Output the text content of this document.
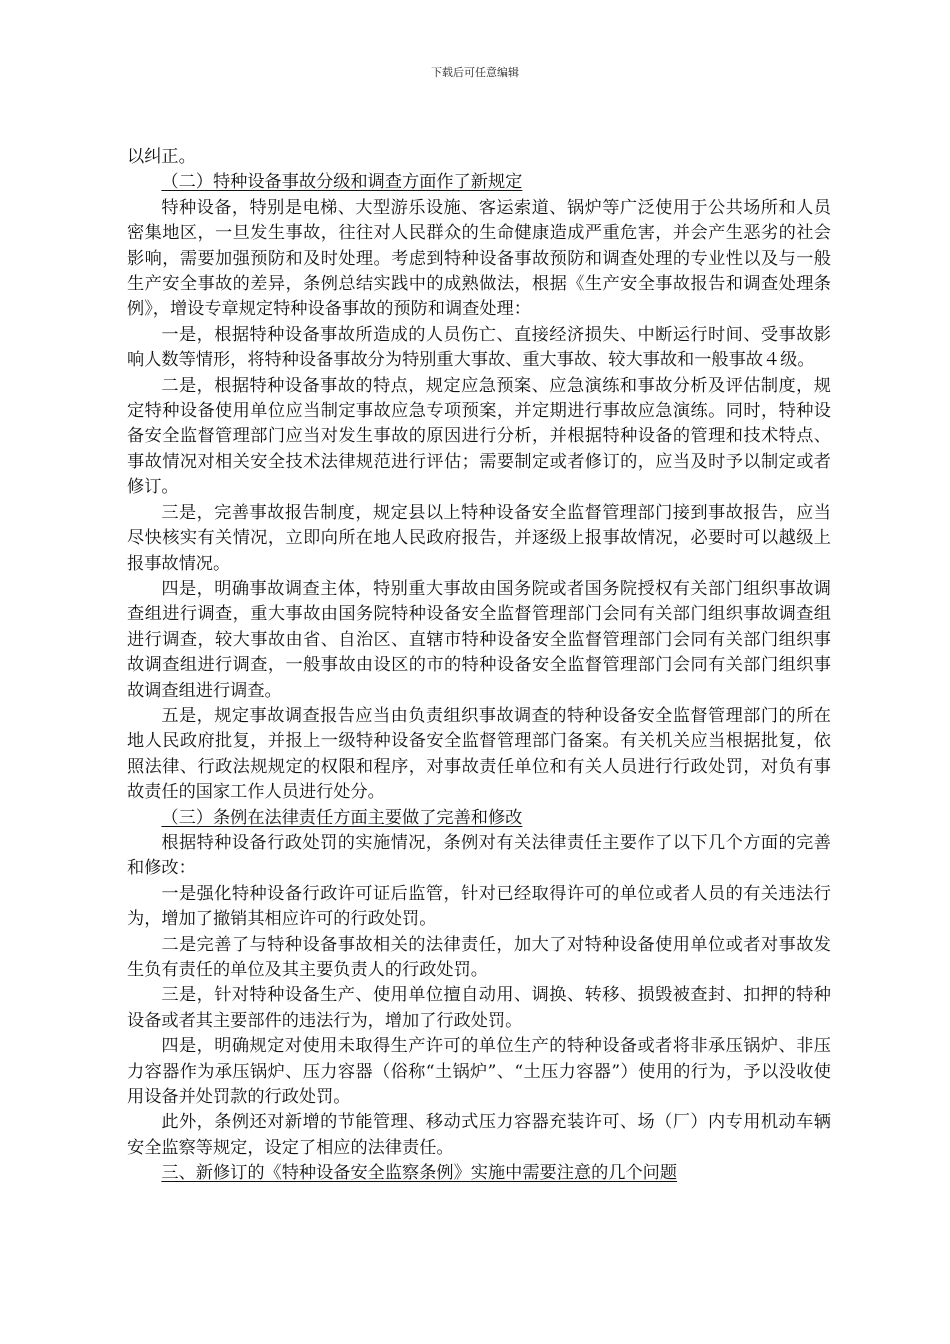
下载后可任意编辑

以纠正。

（二）特种设备事故分级和调查方面作了新规定

特种设备，特别是电梯、大型游乐设施、客运索道、锅炉等广泛使用于公共场所和人员密集地区，一旦发生事故，往往对人民群众的生命健康造成严重危害，并会产生恶劣的社会影响，需要加强预防和及时处理。考虑到特种设备事故预防和调查处理的专业性以及与一般生产安全事故的差异，条例总结实践中的成熟做法，根据《生产安全事故报告和调查处理条例》，增设专章规定特种设备事故的预防和调查处理：

一是，根据特种设备事故所造成的人员伤亡、直接经济损失、中断运行时间、受事故影响人数等情形，将特种设备事故分为特别重大事故、重大事故、较大事故和一般事故４级。

二是，根据特种设备事故的特点，规定应急预案、应急演练和事故分析及评估制度，规定特种设备使用单位应当制定事故应急专项预案，并定期进行事故应急演练。同时，特种设备安全监督管理部门应当对发生事故的原因进行分析，并根据特种设备的管理和技术特点、事故情况对相关安全技术法律规范进行评估；需要制定或者修订的，应当及时予以制定或者修订。

三是，完善事故报告制度，规定县以上特种设备安全监督管理部门接到事故报告，应当尽快核实有关情况，立即向所在地人民政府报告，并逐级上报事故情况，必要时可以越级上报事故情况。

四是，明确事故调查主体，特别重大事故由国务院或者国务院授权有关部门组织事故调查组进行调查，重大事故由国务院特种设备安全监督管理部门会同有关部门组织事故调查组进行调查，较大事故由省、自治区、直辖市特种设备安全监督管理部门会同有关部门组织事故调查组进行调查，一般事故由设区的市的特种设备安全监督管理部门会同有关部门组织事故调查组进行调查。

五是，规定事故调查报告应当由负责组织事故调查的特种设备安全监督管理部门的所在地人民政府批复，并报上一级特种设备安全监督管理部门备案。有关机关应当根据批复，依照法律、行政法规规定的权限和程序，对事故责任单位和有关人员进行行政处罚，对负有事故责任的国家工作人员进行处分。

（三）条例在法律责任方面主要做了完善和修改

根据特种设备行政处罚的实施情况，条例对有关法律责任主要作了以下几个方面的完善和修改：

一是强化特种设备行政许可证后监管，针对已经取得许可的单位或者人员的有关违法行为，增加了撤销其相应许可的行政处罚。

二是完善了与特种设备事故相关的法律责任，加大了对特种设备使用单位或者对事故发生负有责任的单位及其主要负责人的行政处罚。

三是，针对特种设备生产、使用单位擅自动用、调换、转移、损毁被查封、扣押的特种设备或者其主要部件的违法行为，增加了行政处罚。

四是，明确规定对使用未取得生产许可的单位生产的特种设备或者将非承压锅炉、非压力容器作为承压锅炉、压力容器（俗称“土锅炉”、“土压力容器”）使用的行为，予以没收使用设备并处罚款的行政处罚。

此外，条例还对新增的节能管理、移动式压力容器充装许可、场（厂）内专用机动车辆安全监察等规定，设定了相应的法律责任。

三、新修订的《特种设备安全监察条例》实施中需要注意的几个问题
